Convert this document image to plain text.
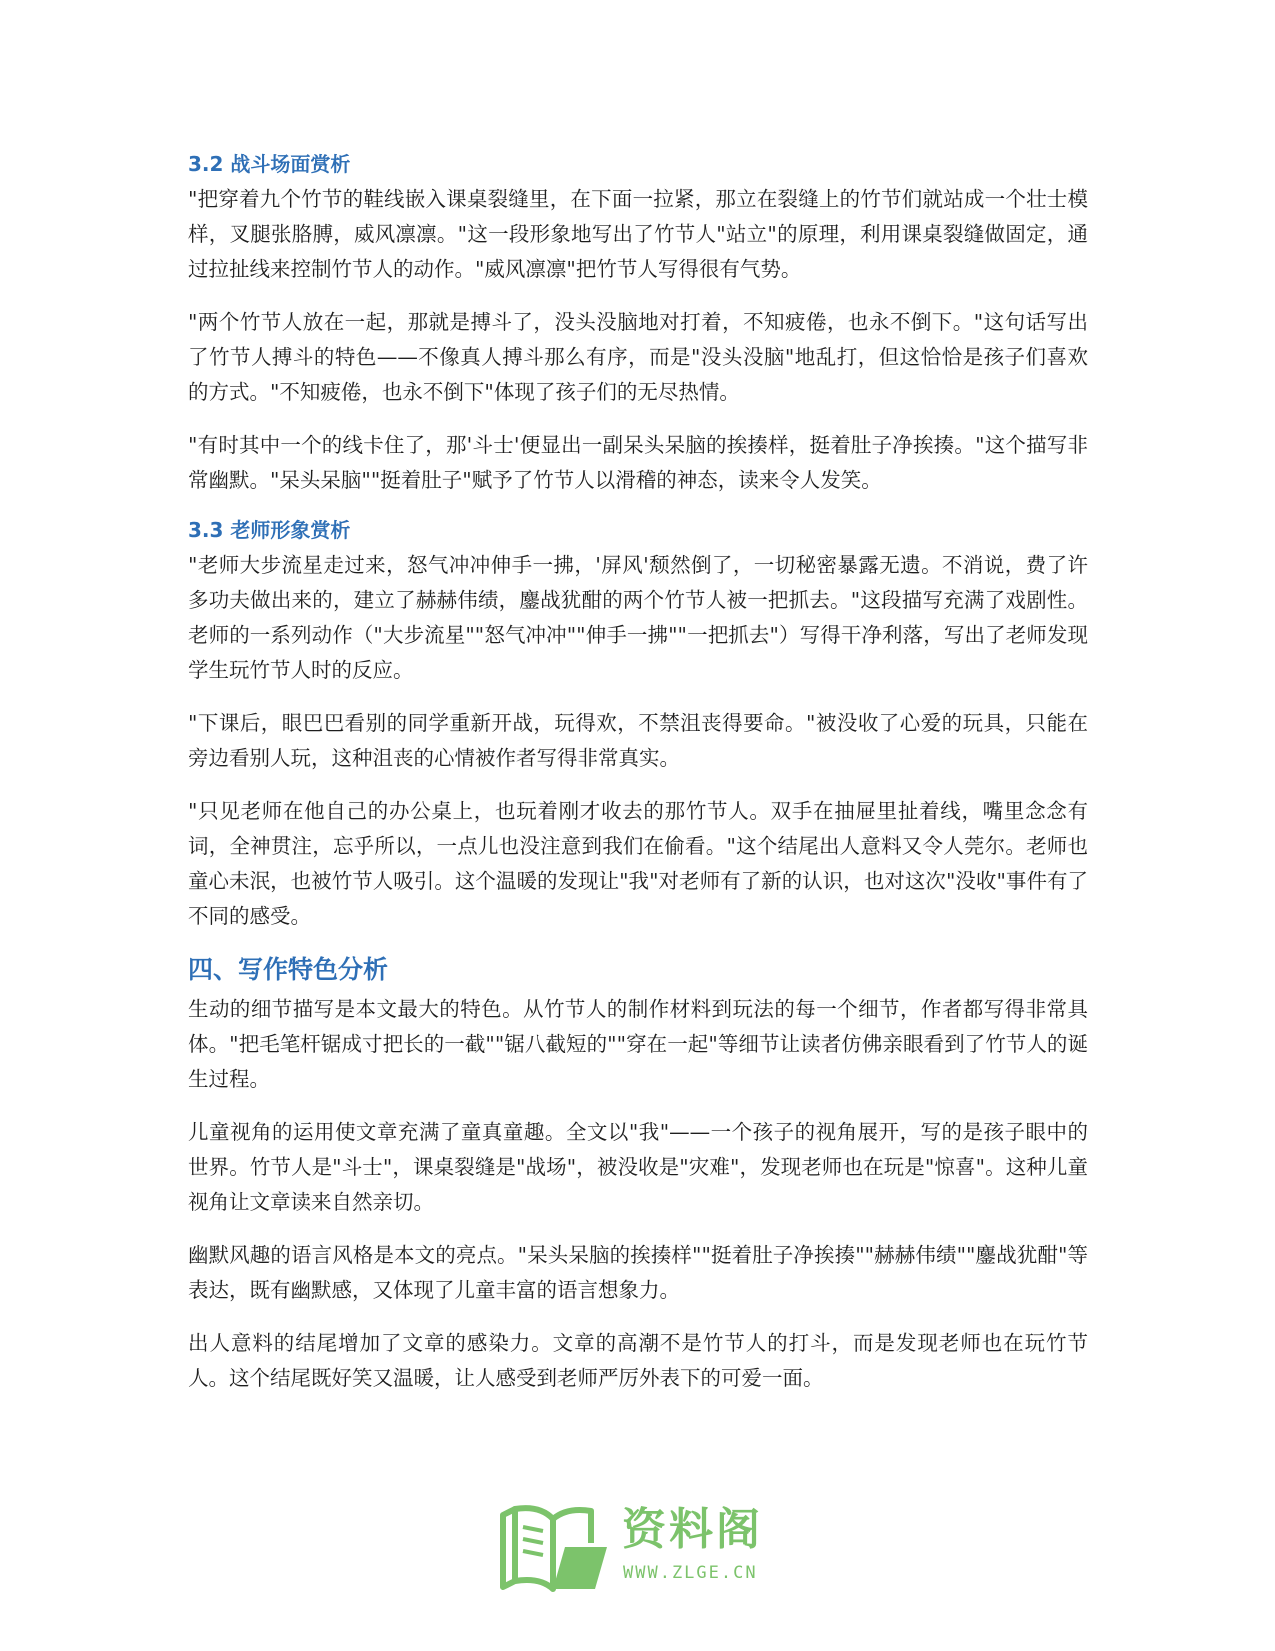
3.2 战斗场面赏析

"把穿着九个竹节的鞋线嵌入课桌裂缝里，在下面一拉紧，那立在裂缝上的竹节们就站成一个壮士模样，叉腿张胳膊，威风凛凛。"这一段形象地写出了竹节人"站立"的原理，利用课桌裂缝做固定，通过拉扯线来控制竹节人的动作。"威风凛凛"把竹节人写得很有气势。

"两个竹节人放在一起，那就是搏斗了，没头没脑地对打着，不知疲倦，也永不倒下。"这句话写出了竹节人搏斗的特色——不像真人搏斗那么有序，而是"没头没脑"地乱打，但这恰恰是孩子们喜欢的方式。"不知疲倦，也永不倒下"体现了孩子们的无尽热情。

"有时其中一个的线卡住了，那'斗士'便显出一副呆头呆脑的挨揍样，挺着肚子净挨揍。"这个描写非常幽默。"呆头呆脑""挺着肚子"赋予了竹节人以滑稽的神态，读来令人发笑。

3.3 老师形象赏析

"老师大步流星走过来，怒气冲冲伸手一拂，'屏风'颓然倒了，一切秘密暴露无遗。不消说，费了许多功夫做出来的，建立了赫赫伟绩，鏖战犹酣的两个竹节人被一把抓去。"这段描写充满了戏剧性。老师的一系列动作（"大步流星""怒气冲冲""伸手一拂""一把抓去"）写得干净利落，写出了老师发现学生玩竹节人时的反应。

"下课后，眼巴巴看别的同学重新开战，玩得欢，不禁沮丧得要命。"被没收了心爱的玩具，只能在旁边看别人玩，这种沮丧的心情被作者写得非常真实。

"只见老师在他自己的办公桌上，也玩着刚才收去的那竹节人。双手在抽屉里扯着线，嘴里念念有词，全神贯注，忘乎所以，一点儿也没注意到我们在偷看。"这个结尾出人意料又令人莞尔。老师也童心未泯，也被竹节人吸引。这个温暖的发现让"我"对老师有了新的认识，也对这次"没收"事件有了不同的感受。

四、写作特色分析

生动的细节描写是本文最大的特色。从竹节人的制作材料到玩法的每一个细节，作者都写得非常具体。"把毛笔杆锯成寸把长的一截""锯八截短的""穿在一起"等细节让读者仿佛亲眼看到了竹节人的诞生过程。

儿童视角的运用使文章充满了童真童趣。全文以"我"——一个孩子的视角展开，写的是孩子眼中的世界。竹节人是"斗士"，课桌裂缝是"战场"，被没收是"灾难"，发现老师也在玩是"惊喜"。这种儿童视角让文章读来自然亲切。

幽默风趣的语言风格是本文的亮点。"呆头呆脑的挨揍样""挺着肚子净挨揍""赫赫伟绩""鏖战犹酣"等表达，既有幽默感，又体现了儿童丰富的语言想象力。

出人意料的结尾增加了文章的感染力。文章的高潮不是竹节人的打斗，而是发现老师也在玩竹节人。这个结尾既好笑又温暖，让人感受到老师严厉外表下的可爱一面。

资料阁
WWW.ZLGE.CN
